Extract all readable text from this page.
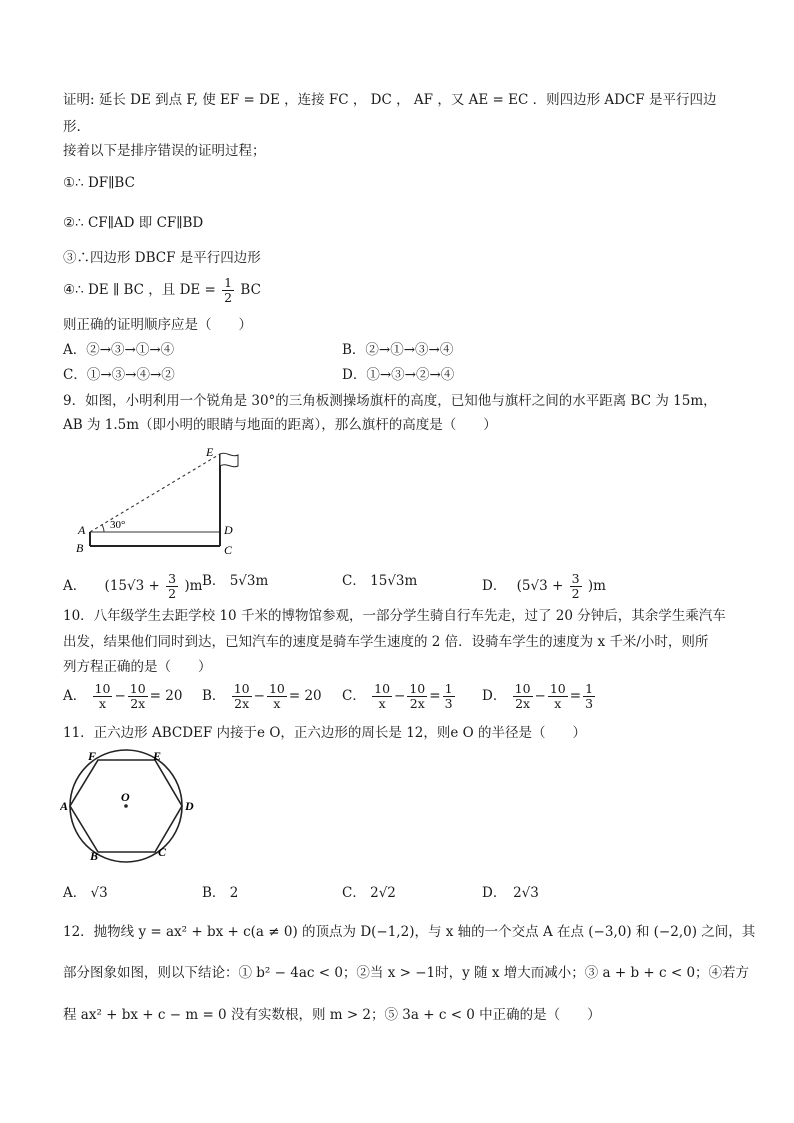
证明: 延长 DE 到点 F, 使 EF = DE ，连接 FC ， DC ， AF ，又 AE = EC ．则四边形 ADCF 是平行四边
形.
接着以下是排序错误的证明过程；
①∴ DF∥BC
②∴ CF∥AD 即 CF∥BD
③∴四边形 DBCF 是平行四边形
④∴ DE ∥ BC ，且 DE = $\frac{1}{2}$ BC
则正确的证明顺序应是（　　）
A．②→③→①→④	B．②→①→③→④
C．①→③→④→②	D．①→③→②→④
9．如图，小明利用一个锐角是 30°的三角板测操场旗杆的高度，已知他与旗杆之间的水平距离 BC 为 15m，
AB 为 1.5m（即小明的眼睛与地面的距离），那么旗杆的高度是（　　）
E
A 30°	D
B	C
A． $(15√3 + \frac{3}{2} )m$ B． 5√3m	C． 15√3m	D． $(5√3 + \frac{3}{2} )m$
10．八年级学生去距学校 10 千米的博物馆参观，一部分学生骑自行车先走，过了 20 分钟后，其余学生乘汽车
出发，结果他们同时到达，已知汽车的速度是骑车学生速度的 2 倍．设骑车学生的速度为 x 千米/小时，则所
列方程正确的是（　　）
A． $\frac{10}{x} - \frac{10}{2x} = 20$ B． $\frac{10}{2x} - \frac{10}{x} = 20$ C． $\frac{10}{x} - \frac{10}{2x} = \frac{1}{3}$ D． $\frac{10}{2x} - \frac{10}{x} = \frac{1}{3}$
11．正六边形 ABCDEF 内接于e O，正六边形的周长是 12，则e O 的半径是（　　）
F	E
O
A	D
B	C
A． √3	B． 2	C． 2√2	D．　2√3
12．抛物线 y = ax² + bx + c(a ≠ 0) 的顶点为 D(−1,2)，与 x 轴的一个交点 A 在点 (−3,0) 和 (−2,0) 之间，其
部分图象如图，则以下结论：① b² − 4ac < 0；②当 x > −1时，y 随 x 增大而减小；③ a + b + c < 0；④若方
程 ax² + bx + c − m = 0 没有实数根，则 m > 2；⑤ 3a + c < 0 中正确的是（　　）
